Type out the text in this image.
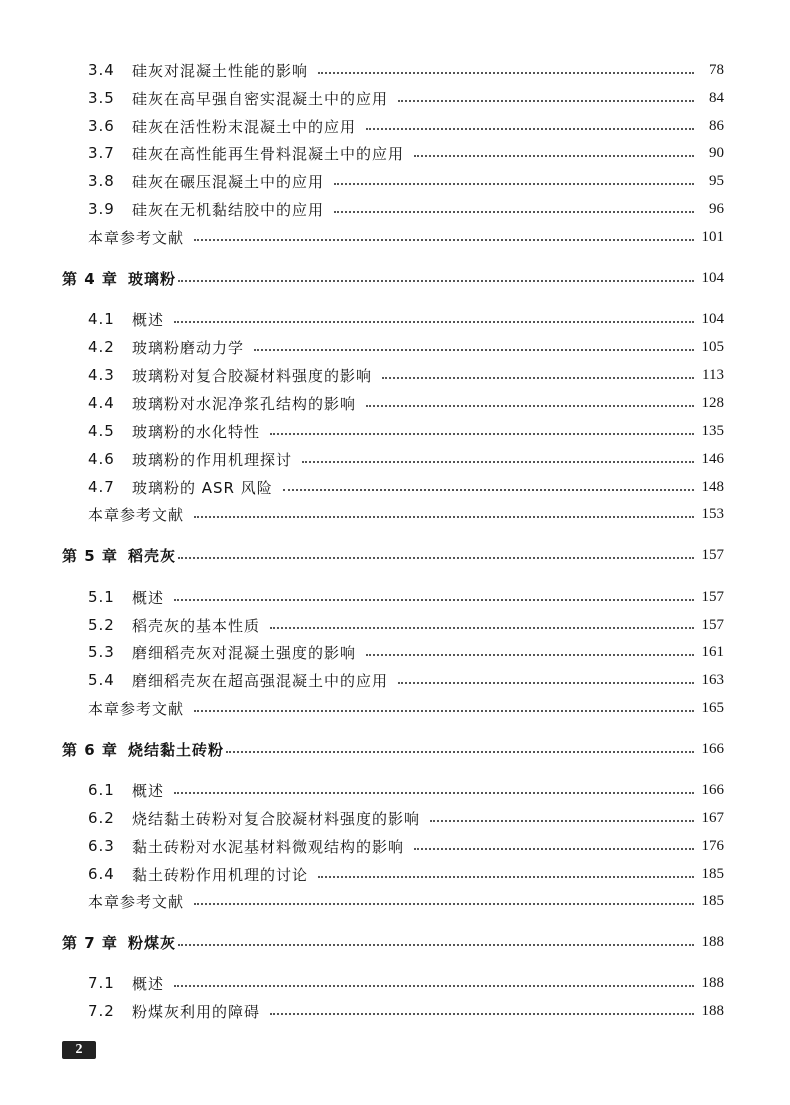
3.4	硅灰对混凝土性能的影响	78
3.5	硅灰在高早强自密实混凝土中的应用	84
3.6	硅灰在活性粉末混凝土中的应用	86
3.7	硅灰在高性能再生骨料混凝土中的应用	90
3.8	硅灰在碾压混凝土中的应用	95
3.9	硅灰在无机黏结胶中的应用	96
本章参考文献	101
第 4 章 玻璃粉	104
4.1	概述	104
4.2	玻璃粉磨动力学	105
4.3	玻璃粉对复合胶凝材料强度的影响	113
4.4	玻璃粉对水泥净浆孔结构的影响	128
4.5	玻璃粉的水化特性	135
4.6	玻璃粉的作用机理探讨	146
4.7	玻璃粉的 ASR 风险	148
本章参考文献	153
第 5 章 稻壳灰	157
5.1	概述	157
5.2	稻壳灰的基本性质	157
5.3	磨细稻壳灰对混凝土强度的影响	161
5.4	磨细稻壳灰在超高强混凝土中的应用	163
本章参考文献	165
第 6 章 烧结黏土砖粉	166
6.1	概述	166
6.2	烧结黏土砖粉对复合胶凝材料强度的影响	167
6.3	黏土砖粉对水泥基材料微观结构的影响	176
6.4	黏土砖粉作用机理的讨论	185
本章参考文献	185
第 7 章 粉煤灰	188
7.1	概述	188
7.2	粉煤灰利用的障碍	188
2
